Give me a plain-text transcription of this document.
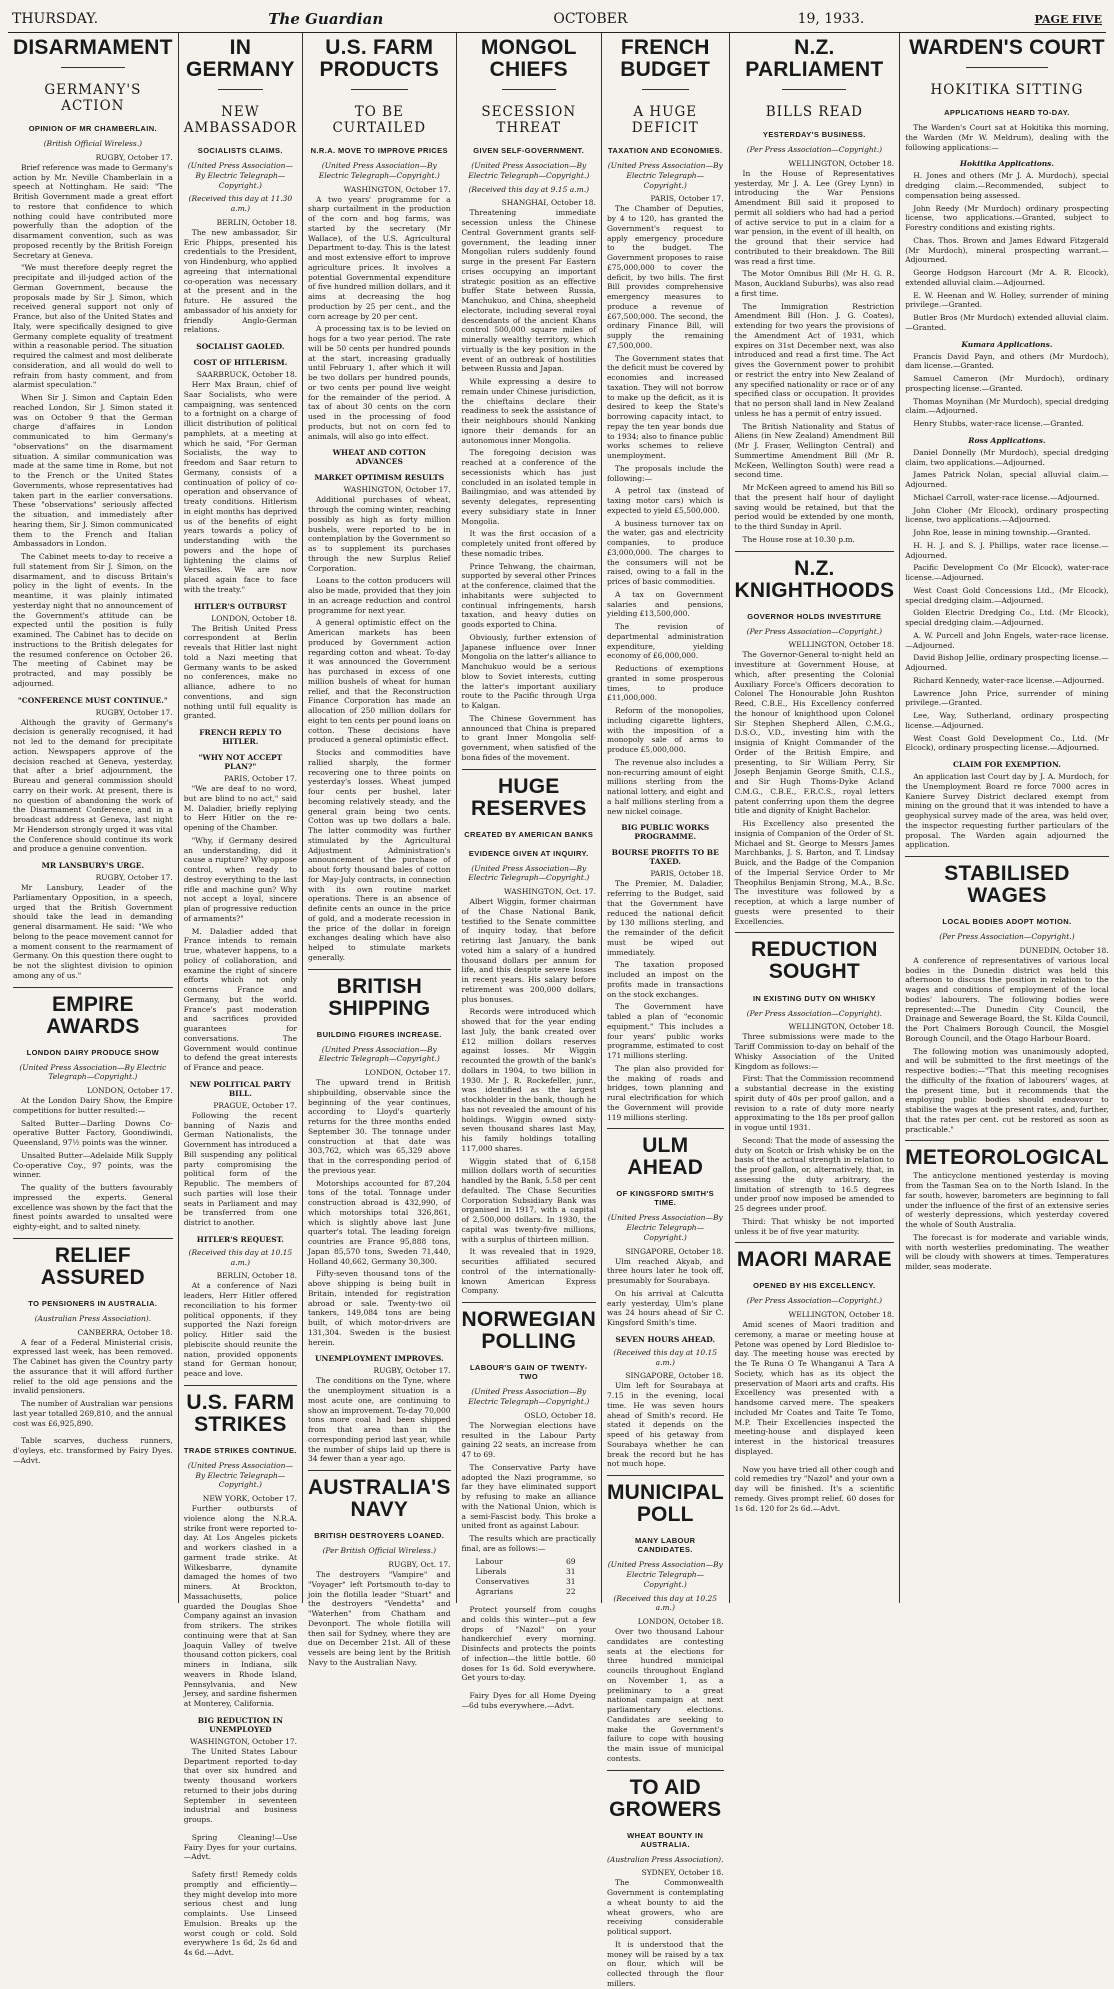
THURSDAY.	The Guardian	OCTOBER	19, 1933.	PAGE FIVE
DISARMAMENT
GERMANY'S ACTION
OPINION OF MR CHAMBERLAIN.
(British Official Wireless.)
RUGBY, October 17.

Brief reference was made to Germany's action by Mr. Neville Chamberlain in a speech at Nottingham. He said: "The British Government made a great effort to restore that confidence to which nothing could have contributed more powerfully than the adoption of the disarmament convention, such as was proposed recently by the British Foreign Secretary at Geneva.

"We must therefore deeply regret the precipitate and ill-judged action of the German Government, because the proposals made by Sir J. Simon, which received general support not only of France, but also of the United States and Italy, were specifically designed to give Germany complete equality of treatment within a reasonable period. The situation required the calmest and most deliberate consideration, and all would do well to refrain from hasty comment, and from alarmist speculation."

When Sir J. Simon and Captain Eden reached London, Sir J. Simon stated it was on October 9 that the German charge d'affaires in London communicated to him Germany's "observations" on the disarmament situation. A similar communication was made at the same time in Rome, but not to the French or the United States Governments, whose representatives had taken part in the earlier conversations. These "observations" seriously affected the situation, and immediately after hearing them, Sir J. Simon communicated them to the French and Italian Ambassadors in London.

The Cabinet meets to-day to receive a full statement from Sir J. Simon, on the disarmament, and to discuss Britain's policy in the light of events. In the meantime, it was plainly intimated yesterday night that no announcement of the Government's attitude can be expected until the position is fully examined. The Cabinet has to decide on instructions to the British delegates for the resumed conference on October 26. The meeting of Cabinet may be protracted, and may possibly be adjourned.

"CONFERENCE MUST CONTINUE."
RUGBY, October 17.

Although the gravity of Germany's decision is generally recognised, it had not led to the demand for precipitate action. Newspapers approve of the decision reached at Geneva, yesterday, that after a brief adjournment, the Bureau and general commission should carry on their work. At present, there is no question of abandoning the work of the Disarmament Conference, and in a broadcast address at Geneva, last night Mr Henderson strongly urged it was vital the Conference should continue its work and produce a genuine convention.

MR LANSBURY'S URGE.
RUGBY, October 17.

Mr Lansbury, Leader of the Parliamentary Opposition, in a speech, urged that the British Government should take the lead in demanding general disarmament. He said: "We who belong to the peace movement cannot for a moment consent to the rearmament of Germany. On this question there ought to be not the slightest division to opinion among any of us."

EMPIRE AWARDS
LONDON DAIRY PRODUCE SHOW
(United Press Association—By Electric Telegraph—Copyright.)
LONDON, October 17.

At the London Dairy Show, the Empire competitions for butter resulted:—

Salted Butter—Darling Downs Co-operative Butter Factory, Goondiwindi, Queensland, 97½ points was the winner.

Unsalted Butter—Adelaide Milk Supply Co-operative Coy., 97 points, was the winner.

The quality of the butters favourably impressed the experts. General excellence was shown by the fact that the finest points awarded to unsalted were eighty-eight, and to salted ninety.

RELIEF ASSURED
TO PENSIONERS IN AUSTRALIA.
(Australian Press Association).
CANBERRA, October 18.

A fear of a Federal Ministerial crisis, expressed last week, has been removed. The Cabinet has given the Country party the assurance that it will afford further relief to the old age pensions and the invalid pensioners.

The number of Australian war pensions last year totalled 269,810, and the annual cost was £6,925,890.

Table scarves, duchess runners, d'oyleys, etc. transformed by Fairy Dyes.—Advt.

IN GERMANY
NEW AMBASSADOR
SOCIALISTS CLAIMS.
(United Press Association—By Electric Telegraph—Copyright.)
(Received this day at 11.30 a.m.)
BERLIN, October 18.

The new ambassador, Sir Eric Phipps, presented his credentials to the President, von Hindenburg, who applied agreeing that international co-operation was necessary at the present and in the future. He assured the ambassador of his anxiety for friendly Anglo-German relations.

SOCIALIST GAOLED.
COST OF HITLERISM.
SAARBRUCK, October 18.

Herr Max Braun, chief of Saar Socialists, who were campaigning, was sentenced to a fortnight on a charge of illicit distribution of political pamphlets, at a meeting at which he said, "For German Socialists, the way to freedom and Saar return to Germany, consists of a continuation of policy of co-operation and observance of treaty conditions. Hitlerism in eight months has deprived us of the benefits of eight years towards a policy of understanding with the powers and the hope of lightening the claims of Versailles. We are now placed again face to face with the treaty."

HITLER'S OUTBURST
LONDON, October 18.

The British United Press correspondent at Berlin reveals that Hitler last night told a Nazi meeting that Germany wants to be asked no conferences, make no alliance, adhere to no conventions, and sign nothing until full equality is granted.

FRENCH REPLY TO HITLER.
"WHY NOT ACCEPT PLAN?"
PARIS, October 17.

"We are deaf to no word, but are blind to no act," said M. Daladier, briefly replying to Herr Hitler on the re-opening of the Chamber.

"Why, if Germany desired an understanding, did it cause a rupture? Why oppose control, when ready to destroy everything to the last rifle and machine gun? Why not accept a loyal, sincere plan of progressive reduction of armaments?"

M. Daladier added that France intends to remain true, whatever happens, to a policy of collaboration, and examine the right of sincere efforts which not only concerns France and Germany, but the world. France's past moderation and sacrifices provided guarantees for conversations. The Government would continue to defend the great interests of France and peace.

NEW POLITICAL PARTY BILL.
PRAGUE, October 17.

Following the recent banning of Nazis and German Nationalists, the Government has introduced a Bill suspending any political party compromising the political form of the Republic. The members of such parties will lose their seats in Parliament and may be transferred from one district to another.

HITLER'S REQUEST.
(Received this day at 10.15 a.m.)
BERLIN, October 18.

At a conference of Nazi leaders, Herr Hitler offered reconciliation to his former political opponents, if they supported the Nazi foreign policy. Hitler said the plebiscite should reunite the nation, provided opponents stand for German honour, peace and love.

U.S. FARM STRIKES
TRADE STRIKES CONTINUE.
(United Press Association—By Electric Telegraph—Copyright.)
NEW YORK, October 17.

Further outbursts of violence along the N.R.A. strike front were reported to-day. At Los Angeles pickets and workers clashed in a garment trade strike. At Wilkesbarre, dynamite damaged the homes of two miners. At Brockton, Massachusetts, police guarded the Douglas Shoe Company against an invasion from strikers. The strikes continuing were that at San Joaquin Valley of twelve thousand cotton pickers, coal miners in Indiana, silk weavers in Rhode Island, Pennsylvania, and New Jersey, and sardine fishermen at Monterey, California.

BIG REDUCTION IN UNEMPLOYED
WASHINGTON, October 17.

The United States Labour Department reported to-day that over six hundred and twenty thousand workers returned to their jobs during September in seventeen industrial and business groups.

Spring Cleaning!—Use Fairy Dyes for your curtains.—Advt.

Safety first! Remedy colds promptly and efficiently—they might develop into more serious chest and lung complaints. Use Linseed Emulsion. Breaks up the worst cough or cold. Sold everywhere 1s 6d, 2s 6d and 4s 6d.—Advt.

U.S. FARM PRODUCTS
TO BE CURTAILED
N.R.A. MOVE TO IMPROVE PRICES
(United Press Association—By Electric Telegraph—Copyright.)
WASHINGTON, October 17.

A two years' programme for a sharp curtailment in the production of the corn and hog farms, was started by the secretary (Mr Wallace), of the U.S. Agricultural Department to-day. This is the latest and most extensive effort to improve agriculture prices. It involves a potential Governmental expenditure of five hundred million dollars, and it aims at decreasing the hog production by 25 per cent., and the corn acreage by 20 per cent.

A processing tax is to be levied on hogs for a two year period. The rate will be 50 cents per hundred pounds at the start, increasing gradually until February 1, after which it will be two dollars per hundred pounds, or two cents per pound live weight for the remainder of the period. A tax of about 30 cents on the corn used in the processing of food products, but not on corn fed to animals, will also go into effect.

WHEAT AND COTTON ADVANCES
MARKET OPTIMISM RESULTS
WASHINGTON, October 17.

Additional purchases of wheat, through the coming winter, reaching possibly as high as forty million bushels, were reported to be in contemplation by the Government so as to supplement its purchases through the new Surplus Relief Corporation.

Loans to the cotton producers will also be made, provided that they join in an acreage reduction and control programme for next year.

A general optimistic effect on the American markets has been produced by Government action regarding cotton and wheat. To-day it was announced the Government has purchased in excess of one million bushels of wheat for human relief, and that the Reconstruction Finance Corporation has made an allocation of 250 million dollars for eight to ten cents per pound loans on cotton. These decisions have produced a general optimistic effect.

Stocks and commodities have rallied sharply, the former recovering one to three points on yesterday's losses. Wheat jumped four cents per bushel, later becoming relatively steady, and the general grain being two cents. Cotton was up two dollars a bale. The latter commodity was further stimulated by the Agricultural Adjustment Administration's announcement of the purchase of about forty thousand bales of cotton for May-July contracts, in connection with its own routine market operations. There is an absence of definite cents an ounce in the price of gold, and a moderate recession in the price of the dollar in foreign exchanges dealing which have also helped to stimulate markets generally.

BRITISH SHIPPING
BUILDING FIGURES INCREASE.
(United Press Association—By Electric Telegraph—Copyright.)
LONDON, October 17.

The upward trend in British shipbuilding, observable since the beginning of the year continues, according to Lloyd's quarterly returns for the three months ended September 30. The tonnage under construction at that date was 303,762, which was 65,329 above that in the corresponding period of the previous year.

Motorships accounted for 87,204 tons of the total. Tonnage under construction abroad is 432,990, of which motorships total 326,861, which is slightly above last June quarter's total. The leading foreign countries are France 95,888 tons, Japan 85,570 tons, Sweden 71,440, Holland 40,662, Germany 30,300.

Fifty-seven thousand tons of the above shipping is being built in Britain, intended for registration abroad or sale. Twenty-two oil tankers, 149,084 tons are being built, of which motor-drivers are 131,304. Sweden is the busiest herein.

UNEMPLOYMENT IMPROVES.
RUGBY, October 17.

The conditions on the Tyne, where the unemployment situation is a most acute one, are continuing to show an improvement. To-day 70,000 tons more coal had been shipped from that area than in the corresponding period last year, while the number of ships laid up there is 34 fewer than a year ago.

AUSTRALIA'S NAVY
BRITISH DESTROYERS LOANED.
(Per British Official Wireless.)
RUGBY, Oct. 17.

The destroyers "Vampire" and "Voyager" left Portsmouth to-day to join the flotilla leader "Stuart" and the destroyers "Vendetta" and "Waterhen" from Chatham and Devonport. The whole flotilla will then sail for Sydney, where they are due on December 21st. All of these vessels are being lent by the British Navy to the Australian Navy.

MONGOL CHIEFS
SECESSION THREAT
GIVEN SELF-GOVERNMENT.
(United Press Association—By Electric Telegraph—Copyright.)
(Received this day at 9.15 a.m.)
SHANGHAI, October 18.

Threatening immediate secession unless the Chinese Central Government grants self-government, the leading inner Mongolian rulers suddenly found surge in the present Far Eastern crises occupying an important strategic position as an effective buffer State between Russia, Manchukuo, and China, sheepheld electorate, including several royal descendants of the ancient Khans control 500,000 square miles of minerally wealthy territory, which virtually is the key position in the event of an outbreak of hostilities between Russia and Japan.

While expressing a desire to remain under Chinese jurisdiction, the chieftains declare their readiness to seek the assistance of their neighbours should Nanking ignore their demands for an autonomous inner Mongolia.

The foregoing decision was reached at a conference of the secessionists which has just concluded in an isolated temple in Bailingmiao, and was attended by seventy delegates, representing every subsidiary state in Inner Mongolia.

It was the first occasion of a completely united front offered by these nomadic tribes.

Prince Tehwang, the chairman, supported by several other Princes at the conference, claimed that the inhabitants were subjected to continual infringements, harsh taxation, and heavy duties on goods exported to China.

Obviously, further extension of Japanese influence over Inner Mongolia on the latter's alliance to Manchukuo would be a serious blow to Soviet interests, cutting the latter's important auxiliary route to the Pacific through Urga to Kalgan.

The Chinese Government has announced that China is prepared to grant Inner Mongolia self-government, when satisfied of the bona fides of the movement.

HUGE RESERVES
CREATED BY AMERICAN BANKS
EVIDENCE GIVEN AT INQUIRY.
(United Press Association—By Electric Telegraph—Copyright.)
WASHINGTON, Oct. 17.

Albert Wiggin, former chairman of the Chase National Bank, testified to the Senate committee of inquiry today, that before retiring last January, the bank voted him a salary of a hundred thousand dollars per annum for life, and this despite severe losses in recent years. His salary before retirement was 200,000 dollars, plus bonuses.

Records were introduced which showed that for the year ending last July, the bank created over £12 million dollars reserves against losses. Mr Wiggin recounted the growth of the bank's dollars in 1904, to two billion in 1930. Mr J. R. Rockefeller, junr., was identified as the largest stockholder in the bank, though he has not revealed the amount of his holdings. Wiggin owned sixty-seven thousand shares last May, his family holdings totalling 117,000 shares.

Wiggin stated that of 6,158 million dollars worth of securities handled by the Bank, 5.58 per cent defaulted. The Chase Securities Corporation Subsidiary Bank was organised in 1917, with a capital of 2,500,000 dollars. In 1930, the capital was twenty-five millions, with a surplus of thirteen million.

It was revealed that in 1929, securities affiliated secured control of the internationally-known American Express Company.

NORWEGIAN POLLING
LABOUR'S GAIN OF TWENTY-TWO
(United Press Association—By Electric Telegraph—Copyright.)
OSLO, October 18.

The Norwegian elections have resulted in the Labour Party gaining 22 seats, an increase from 47 to 69.

The Conservative Party have adopted the Nazi programme, so far they have eliminated support by refusing to make an alliance with the National Union, which is a semi-Fascist body. This broke a united front as against Labour.

The results which are practically final, are as follows:—

Labour	69
Liberals	31
Conservatives	31
Agrarians	22

Protect yourself from coughs and colds this winter—put a few drops of "Nazol" on your handkerchief every morning. Disinfects and protects the points of infection—the little bottle. 60 doses for 1s 6d. Sold everywhere. Get yours to-day.

Fairy Dyes for all Home Dyeing—6d tubs everywhere.—Advt.

FRENCH BUDGET
A HUGE DEFICIT
TAXATION AND ECONOMIES.
(United Press Association—By Electric Telegraph—Copyright.)
PARIS, October 17.

The Chamber of Deputies, by 4 to 120, has granted the Government's request to apply emergency procedure to the budget. The Government proposes to raise £75,000,000 to cover the deficit, by two bills. The first Bill provides comprehensive emergency measures to produce a revenue of £67,500,000. The second, the ordinary Finance Bill, will supply the remaining £7,500,000.

The Government states that the deficit must be covered by economies and increased taxation. They will not borrow to make up the deficit, as it is desired to keep the State's borrowing capacity intact, to repay the ten year bonds due to 1934; also to finance public works schemes to relieve unemployment.

The proposals include the following:—

A petrol tax (instead of taxing motor cars) which is expected to yield £5,500,000.

A business turnover tax on the water, gas and electricity companies, to produce £3,000,000. The charges to the consumers will not be raised, owing to a fall in the prices of basic commodities.

A tax on Government salaries and pensions, yielding £13,500,000.

The revision of departmental administration expenditure, yielding economy of £6,000,000.

Reductions of exemptions granted in some prosperous times, to produce £11,000,000.

Reform of the monopolies, including cigarette lighters, with the imposition of a monopoly sale of arms to produce £5,000,000.

The revenue also includes a non-recurring amount of eight millions sterling from the national lottery, and eight and a half millions sterling from a new nickel coinage.

BIG PUBLIC WORKS PROGRAMME.
BOURSE PROFITS TO BE TAXED.
PARIS, October 18.

The Premier, M. Daladier, referring to the Budget, said that the Government have reduced the national deficit by 130 millions sterling, and the remainder of the deficit must be wiped out immediately.

The taxation proposed included an impost on the profits made in transactions on the stock exchanges.

The Government have tabled a plan of "economic equipment." This includes a four years' public works programme, estimated to cost 171 millions sterling.

The plan also provided for the making of roads and bridges, town planning and rural electrification for which the Government will provide 119 millions sterling.

ULM AHEAD
OF KINGSFORD SMITH'S TIME.
(United Press Association—By Electric Telegraph—Copyright.)
SINGAPORE, October 18.

Ulm reached Akyab, and three hours later he took off, presumably for Sourabaya.

On his arrival at Calcutta early yesterday, Ulm's plane was 24 hours ahead of Sir C. Kingsford Smith's time.

SEVEN HOURS AHEAD.
(Received this day at 10.15 a.m.)
SINGAPORE, October 18.

Ulm left for Sourabaya at 7.15 in the evening, local time. He was seven hours ahead of Smith's record. He stated it depends on the speed of his getaway from Sourabaya whether he can break the record but he has not much hope.

MUNICIPAL POLL
MANY LABOUR CANDIDATES.
(United Press Association—By Electric Telegraph—Copyright.)
(Received this day at 10.25 a.m.)
LONDON, October 18.

Over two thousand Labour candidates are contesting seats at the elections for three hundred municipal councils throughout England on November 1, as a preliminary to a great national campaign at next parliamentary elections. Candidates are seeking to make the Government's failure to cope with housing the main issue of municipal contests.

TO AID GROWERS
WHEAT BOUNTY IN AUSTRALIA.
(Australian Press Association).
SYDNEY, October 18.

The Commonwealth Government is contemplating a wheat bounty to aid the wheat growers, who are receiving considerable political support.

It is understood that the money will be raised by a tax on flour, which will be collected through the flour millers.

N.Z. PARLIAMENT
BILLS READ
YESTERDAY'S BUSINESS.
(Per Press Association—Copyright.)
WELLINGTON, October 18.

In the House of Representatives yesterday, Mr J. A. Lee (Grey Lynn) in introducing the War Pensions Amendment Bill said it proposed to permit all soldiers who had had a period of active service to put in a claim for a war pension, in the event of ill health, on the ground that their service had contributed to their breakdown. The Bill was read a first time.

The Motor Omnibus Bill (Mr H. G. R. Mason, Auckland Suburbs), was also read a first time.

The Immigration Restriction Amendment Bill (Hon. J. G. Coates), extending for two years the provisions of the Amendment Act of 1931, which expires on 31st December next, was also introduced and read a first time. The Act gives the Government power to prohibit or restrict the entry into New Zealand of any specified nationality or race or of any specified class or occupation. It provides that no person shall land in New Zealand unless he has a permit of entry issued.

The British Nationality and Status of Aliens (in New Zealand) Amendment Bill (Mr J. Fraser, Wellington Central) and Summertime Amendment Bill (Mr R. McKeen, Wellington South) were read a second time.

Mr McKeen agreed to amend his Bill so that the present half hour of daylight saving would be retained, but that the period would be extended by one month, to the third Sunday in April.

The House rose at 10.30 p.m.

N.Z. KNIGHTHOODS
GOVERNOR HOLDS INVESTITURE
(Per Press Association—Copyright.)
WELLINGTON, October 18.

The Governor-General to-night held an investiture at Government House, at which, after presenting the Colonial Auxiliary Force's Officers decoration to Colonel The Honourable John Rushton Reed, C.B.E., His Excellency conferred the honour of knighthood upon Colonel Sir Stephen Shepherd Allen, C.M.G., D.S.O., V.D., investing him with the insignia of Knight Commander of the Order of the British Empire, and presenting, to Sir William Perry, Sir Joseph Benjamin George Smith, C.I.S., and Sir Hugh Thoms-Dyke Acland C.M.G., C.B.E., F.R.C.S., royal letters patent conferring upon them the degree title and dignity of Knight Bachelor.

His Excellency also presented the insignia of Companion of the Order of St. Michael and St. George to Messrs James Marchbanks, J. S. Barton, and T. Lindsay Buick, and the Badge of the Companion of the Imperial Service Order to Mr Theophilus Benjamin Strong, M.A., B.Sc. The investiture was followed by a reception, at which a large number of guests were presented to their Excellencies.

REDUCTION SOUGHT
IN EXISTING DUTY ON WHISKY
(Per Press Association—Copyright).
WELLINGTON, October 18.

Three submissions were made to the Tariff Commission to-day on behalf of the Whisky Association of the United Kingdom as follows:—

First: That the Commission recommend a substantial decrease in the existing spirit duty of 40s per proof gallon, and a revision to a rate of duty more nearly approximating to the 18s per proof gallon in vogue until 1931.

Second: That the mode of assessing the duty on Scotch or Irish whisky be on the basis of the actual strength in relation to the proof gallon, or, alternatively, that, in assessing the duty arbitrary, the limitation of strength to 16.5 degrees under proof now imposed be amended to 25 degrees under proof.

Third: That whisky be not imported unless it be of five year maturity.

MAORI MARAE
OPENED BY HIS EXCELLENCY.
(Per Press Association—Copyright.)
WELLINGTON, October 18.

Amid scenes of Maori tradition and ceremony, a marae or meeting house at Petone was opened by Lord Bledisloe to-day. The meeting house was erected by the Te Runa O Te Whanganui A Tara A Society, which has as its object the preservation of Maori arts and crafts. His Excellency was presented with a handsome carved mere. The speakers included Mr Coates and Taite Te Tomo, M.P. Their Excellencies inspected the meeting-house and displayed keen interest in the historical treasures displayed.

Now you have tried all other cough and cold remedies try "Nazol" and your own a day will be finished. It's a scientific remedy. Gives prompt relief. 60 doses for 1s 6d. 120 for 2s 6d.—Advt.

WARDEN'S COURT
HOKITIKA SITTING
APPLICATIONS HEARD TO-DAY.

The Warden's Court sat at Hokitika this morning, the Warden (Mr W. Meldrum), dealing with the following applications:—

Hokitika Applications.

H. Jones and others (Mr J. A. Murdoch), special dredging claim.—Recommended, subject to compensation being assessed.

John Reedy (Mr Murdoch) ordinary prospecting license, two applications.—Granted, subject to Forestry conditions and existing rights.

Chas. Thos. Brown and James Edward Fitzgerald (Mr Murdoch), mineral prospecting warrant.—Adjourned.

George Hodgson Harcourt (Mr A. R. Elcock), extended alluvial claim.—Adjourned.

E. W. Heenan and W. Holley, surrender of mining privilege.—Granted.

Butler Bros (Mr Murdoch) extended alluvial claim.—Granted.

Kumara Applications.

Francis David Payn, and others (Mr Murdoch), dam license.—Granted.

Samuel Cameron (Mr Murdoch), ordinary prospecting license.—Granted.

Thomas Moynihan (Mr Murdoch), special dredging claim.—Adjourned.

Henry Stubbs, water-race license.—Granted.

Ross Applications.

Daniel Donnelly (Mr Murdoch), special dredging claim, two applications.—Adjourned.

James Patrick Nolan, special alluvial claim.—Adjourned.

Michael Carroll, water-race license.—Adjourned.

John Cloher (Mr Elcock), ordinary prospecting license, two applications.—Adjourned.

John Roe, lease in mining township.—Granted.

H. H. J. and S. J. Phillips, water race license.—Adjourned.

Pacific Development Co (Mr Elcock), water-race license.—Adjourned.

West Coast Gold Concessions Ltd., (Mr Elcock), special dredging claim.—Adjourned.

Golden Electric Dredging Co., Ltd. (Mr Elcock), special dredging claim.—Adjourned.

A. W. Purcell and John Engels, water-race license.—Adjourned.

David Bishop Jellie, ordinary prospecting license.—Adjourned.

Richard Kennedy, water-race license.—Adjourned.

Lawrence John Price, surrender of mining privilege.—Granted.

Lee, Way, Sutherland, ordinary prospecting license.—Adjourned.

West Coast Gold Development Co., Ltd. (Mr Elcock), ordinary prospecting license.—Adjourned.

CLAIM FOR EXEMPTION.

An application last Court day by J. A. Murdoch, for the Unemployment Board re force 7000 acres in Kaniere Survey District declared exempt from mining on the ground that it was intended to have a geophysical survey made of the area, was held over, the inspector requesting further particulars of the proposal. The Warden again adjourned the application.

STABILISED WAGES
LOCAL BODIES ADOPT MOTION.
(Per Press Association—Copyright.)
DUNEDIN, October 18.

A conference of representatives of various local bodies in the Dunedin district was held this afternoon to discuss the position in relation to the wages and conditions of employment of the local bodies' labourers. The following bodies were represented:—The Dunedin City Council, the Drainage and Sewerage Board, the St. Kilda Council, the Port Chalmers Borough Council, the Mosgiel Borough Council, and the Otago Harbour Board.

The following motion was unanimously adopted, and will be submitted to the first meetings of the respective bodies:—"That this meeting recognises the difficulty of the fixation of labourers' wages, at the present time, but it recommends that the employing public bodies should endeavour to stabilise the wages at the present rates, and, further, that the rates per cent. cut be restored as soon as practicable."

METEOROLOGICAL

The anticyclone mentioned yesterday is moving from the Tasman Sea on to the North Island. In the far south, however, barometers are beginning to fall under the influence of the first of an extensive series of westerly depressions, which yesterday covered the whole of South Australia.

The forecast is for moderate and variable winds, with north westerlies predominating. The weather will be cloudy with showers at times. Temperatures milder, seas moderate.
